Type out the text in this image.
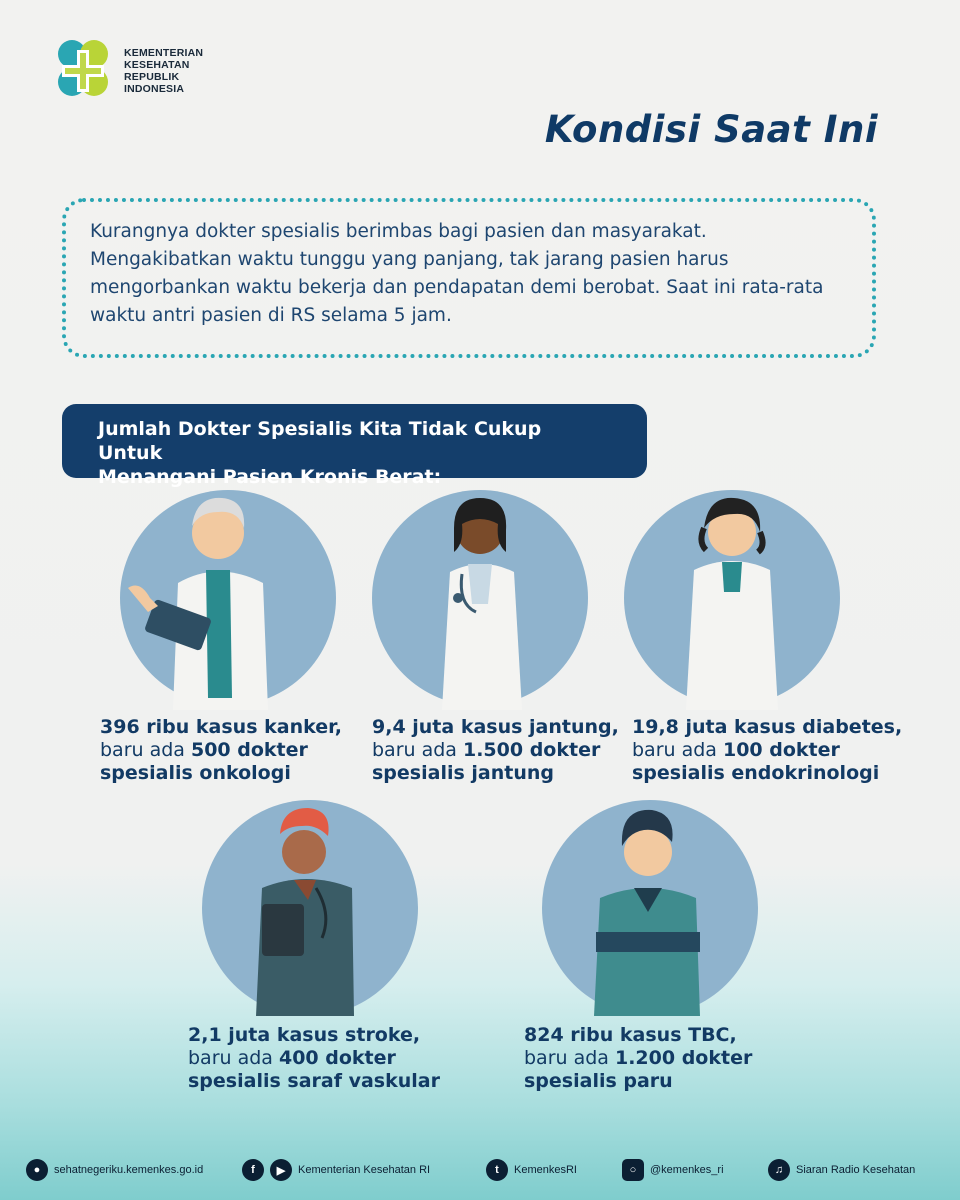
KEMENTERIAN
KESEHATAN
REPUBLIK
INDONESIA
Kondisi Saat Ini

Kurangnya dokter spesialis berimbas bagi pasien dan masyarakat. Mengakibatkan waktu tunggu yang panjang, tak jarang pasien harus mengorbankan waktu bekerja dan pendapatan demi berobat. Saat ini rata-rata waktu antri pasien di RS selama 5 jam.

Jumlah Dokter Spesialis Kita Tidak Cukup Untuk
Menangani Pasien Kronis Berat:
396 ribu kasus kanker,
baru ada 500 dokter
spesialis onkologi
9,4 juta kasus jantung,
baru ada 1.500 dokter
spesialis jantung
19,8 juta kasus diabetes,
baru ada 100 dokter
spesialis endokrinologi
2,1 juta kasus stroke,
baru ada 400 dokter
spesialis saraf vaskular
824 ribu kasus TBC,
baru ada 1.200 dokter
spesialis paru
●	sehatnegeriku.kemenkes.go.id	f	▶	Kementerian Kesehatan RI	t	KemenkesRI	○	@kemenkes_ri	♫	Siaran Radio Kesehatan
